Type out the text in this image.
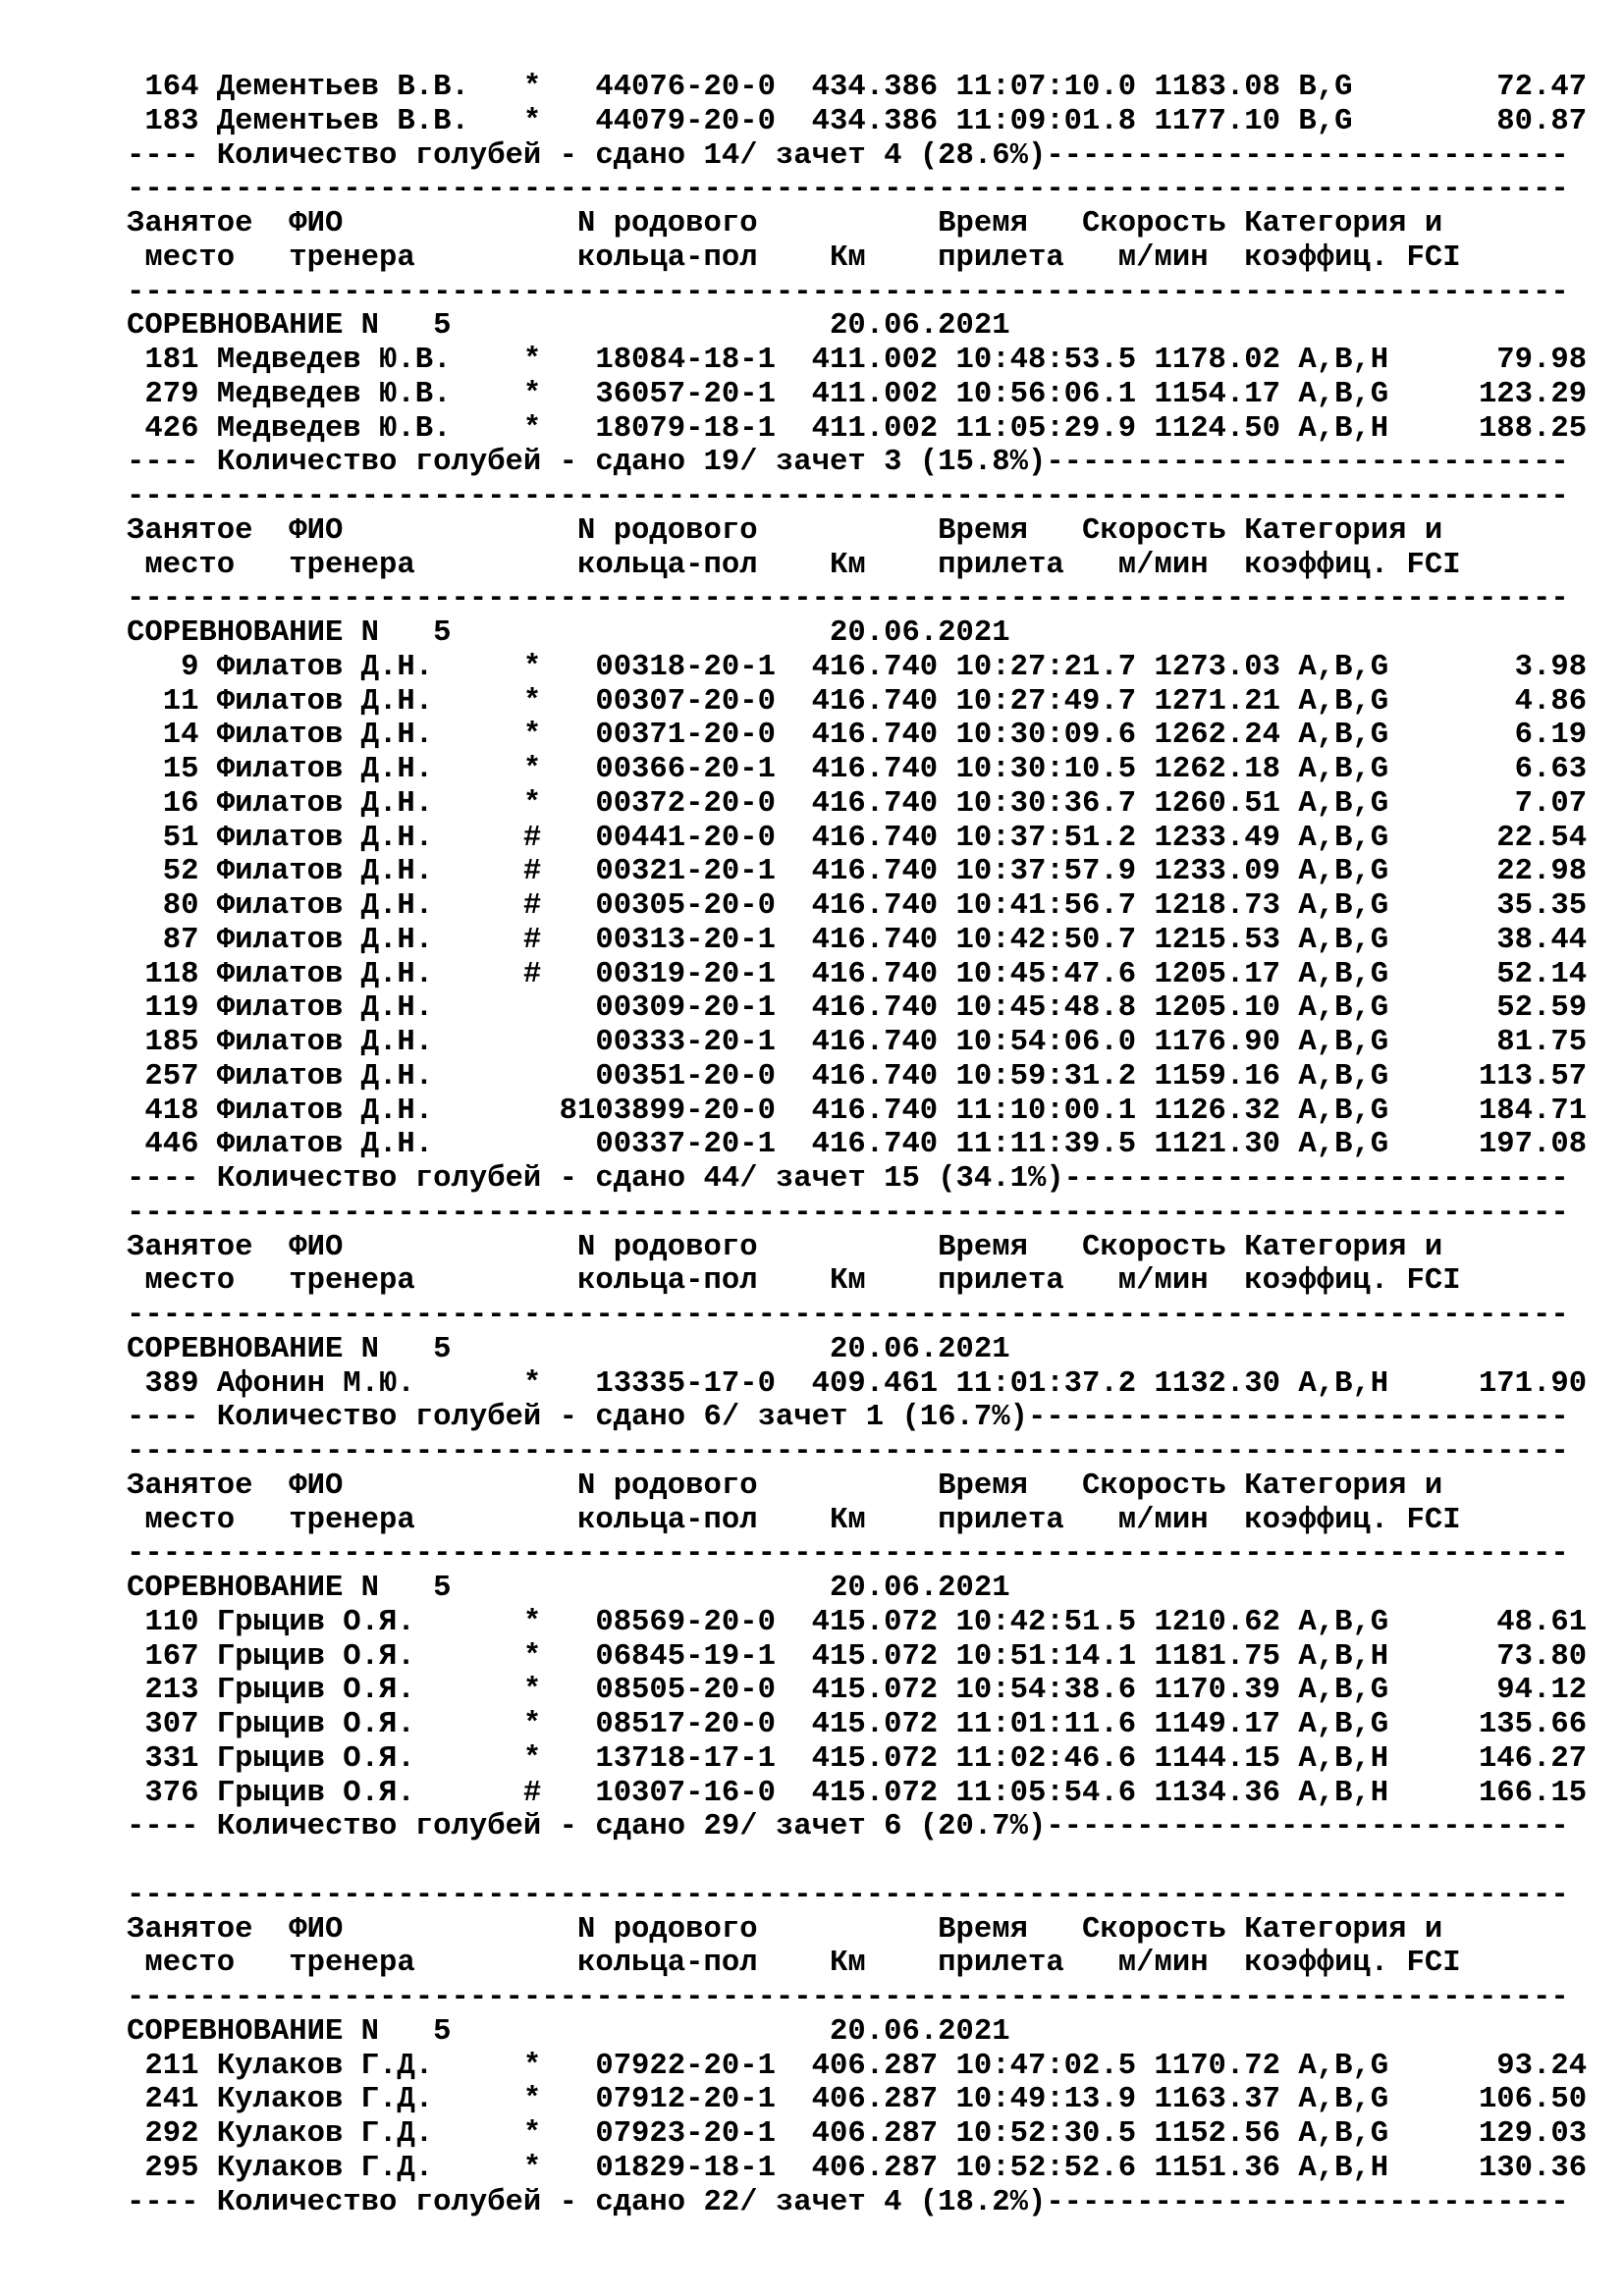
164 Дементьев В.В.   *   44076-20-0  434.386 11:07:10.0 1183.08 B,G        72.47
183 Дементьев В.В.   *   44079-20-0  434.386 11:09:01.8 1177.10 B,G        80.87
---- Количество голубей - сдано 14/ зачет 4 (28.6%)-----------------------------
--------------------------------------------------------------------------------
Занятое  ФИО             N родового          Время   Скорость Категория и
место   тренера         кольца-пол    Км    прилета   м/мин  коэффиц. FCI
--------------------------------------------------------------------------------
СОРЕВНОВАНИЕ N   5                     20.06.2021
181 Медведев Ю.В.    *   18084-18-1  411.002 10:48:53.5 1178.02 A,B,H      79.98
279 Медведев Ю.В.    *   36057-20-1  411.002 10:56:06.1 1154.17 A,B,G     123.29
426 Медведев Ю.В.    *   18079-18-1  411.002 11:05:29.9 1124.50 A,B,H     188.25
---- Количество голубей - сдано 19/ зачет 3 (15.8%)-----------------------------
--------------------------------------------------------------------------------
Занятое  ФИО             N родового          Время   Скорость Категория и
место   тренера         кольца-пол    Км    прилета   м/мин  коэффиц. FCI
--------------------------------------------------------------------------------
СОРЕВНОВАНИЕ N   5                     20.06.2021
9 Филатов Д.Н.     *   00318-20-1  416.740 10:27:21.7 1273.03 A,B,G       3.98
11 Филатов Д.Н.     *   00307-20-0  416.740 10:27:49.7 1271.21 A,B,G       4.86
14 Филатов Д.Н.     *   00371-20-0  416.740 10:30:09.6 1262.24 A,B,G       6.19
15 Филатов Д.Н.     *   00366-20-1  416.740 10:30:10.5 1262.18 A,B,G       6.63
16 Филатов Д.Н.     *   00372-20-0  416.740 10:30:36.7 1260.51 A,B,G       7.07
51 Филатов Д.Н.     #   00441-20-0  416.740 10:37:51.2 1233.49 A,B,G      22.54
52 Филатов Д.Н.     #   00321-20-1  416.740 10:37:57.9 1233.09 A,B,G      22.98
80 Филатов Д.Н.     #   00305-20-0  416.740 10:41:56.7 1218.73 A,B,G      35.35
87 Филатов Д.Н.     #   00313-20-1  416.740 10:42:50.7 1215.53 A,B,G      38.44
118 Филатов Д.Н.     #   00319-20-1  416.740 10:45:47.6 1205.17 A,B,G      52.14
119 Филатов Д.Н.         00309-20-1  416.740 10:45:48.8 1205.10 A,B,G      52.59
185 Филатов Д.Н.         00333-20-1  416.740 10:54:06.0 1176.90 A,B,G      81.75
257 Филатов Д.Н.         00351-20-0  416.740 10:59:31.2 1159.16 A,B,G     113.57
418 Филатов Д.Н.       8103899-20-0  416.740 11:10:00.1 1126.32 A,B,G     184.71
446 Филатов Д.Н.         00337-20-1  416.740 11:11:39.5 1121.30 A,B,G     197.08
---- Количество голубей - сдано 44/ зачет 15 (34.1%)----------------------------
--------------------------------------------------------------------------------
Занятое  ФИО             N родового          Время   Скорость Категория и
место   тренера         кольца-пол    Км    прилета   м/мин  коэффиц. FCI
--------------------------------------------------------------------------------
СОРЕВНОВАНИЕ N   5                     20.06.2021
389 Афонин М.Ю.      *   13335-17-0  409.461 11:01:37.2 1132.30 A,B,H     171.90
---- Количество голубей - сдано 6/ зачет 1 (16.7%)------------------------------
--------------------------------------------------------------------------------
Занятое  ФИО             N родового          Время   Скорость Категория и
место   тренера         кольца-пол    Км    прилета   м/мин  коэффиц. FCI
--------------------------------------------------------------------------------
СОРЕВНОВАНИЕ N   5                     20.06.2021
110 Грыцив О.Я.      *   08569-20-0  415.072 10:42:51.5 1210.62 A,B,G      48.61
167 Грыцив О.Я.      *   06845-19-1  415.072 10:51:14.1 1181.75 A,B,H      73.80
213 Грыцив О.Я.      *   08505-20-0  415.072 10:54:38.6 1170.39 A,B,G      94.12
307 Грыцив О.Я.      *   08517-20-0  415.072 11:01:11.6 1149.17 A,B,G     135.66
331 Грыцив О.Я.      *   13718-17-1  415.072 11:02:46.6 1144.15 A,B,H     146.27
376 Грыцив О.Я.      #   10307-16-0  415.072 11:05:54.6 1134.36 A,B,H     166.15
---- Количество голубей - сдано 29/ зачет 6 (20.7%)-----------------------------
--------------------------------------------------------------------------------
Занятое  ФИО             N родового          Время   Скорость Категория и
место   тренера         кольца-пол    Км    прилета   м/мин  коэффиц. FCI
--------------------------------------------------------------------------------
СОРЕВНОВАНИЕ N   5                     20.06.2021
211 Кулаков Г.Д.     *   07922-20-1  406.287 10:47:02.5 1170.72 A,B,G      93.24
241 Кулаков Г.Д.     *   07912-20-1  406.287 10:49:13.9 1163.37 A,B,G     106.50
292 Кулаков Г.Д.     *   07923-20-1  406.287 10:52:30.5 1152.56 A,B,G     129.03
295 Кулаков Г.Д.     *   01829-18-1  406.287 10:52:52.6 1151.36 A,B,H     130.36
---- Количество голубей - сдано 22/ зачет 4 (18.2%)-----------------------------
